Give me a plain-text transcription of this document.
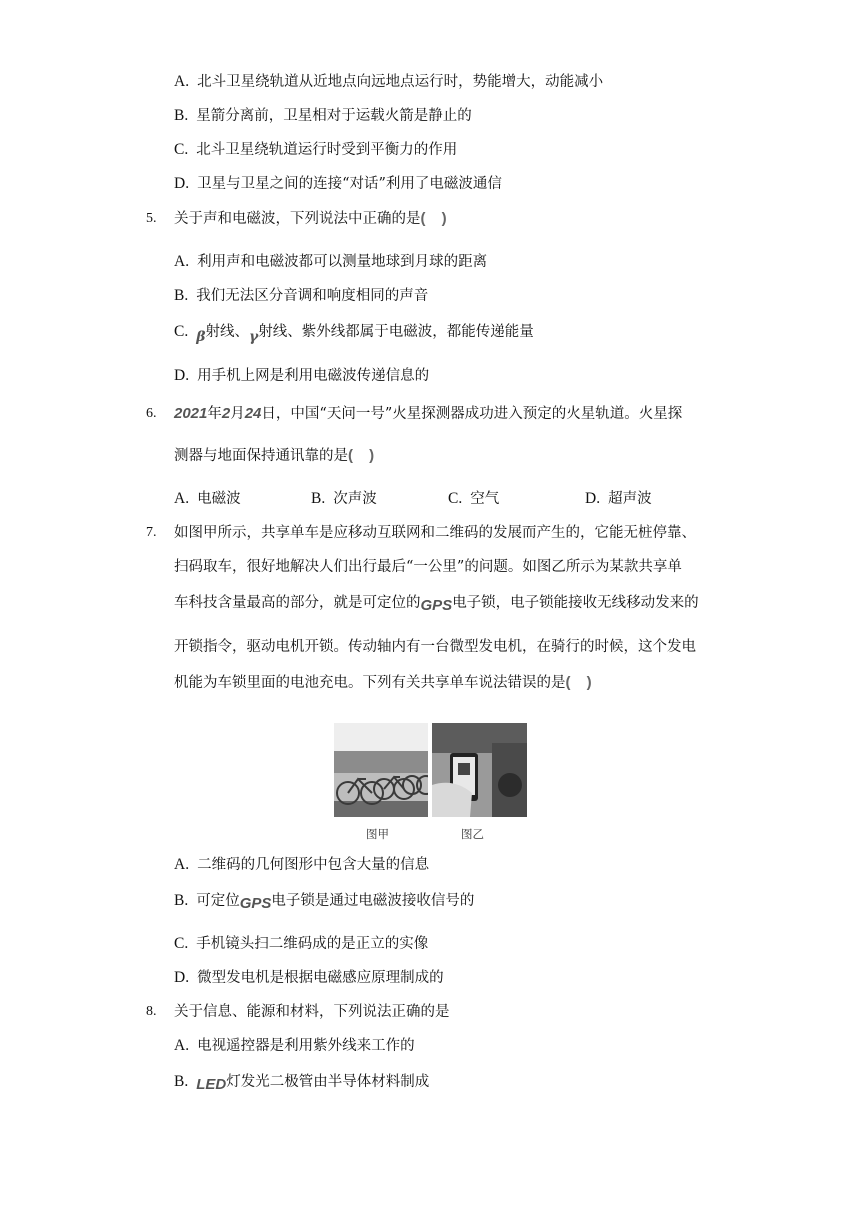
A. 北斗卫星绕轨道从近地点向远地点运行时，势能增大，动能减小
B. 星箭分离前，卫星相对于运载火箭是静止的
C. 北斗卫星绕轨道运行时受到平衡力的作用
D. 卫星与卫星之间的连接“对话”利用了电磁波通信
5. 关于声和电磁波，下列说法中正确的是( )
A. 利用声和电磁波都可以测量地球到月球的距离
B. 我们无法区分音调和响度相同的声音
C. β射线、γ射线、紫外线都属于电磁波，都能传递能量
D. 用手机上网是利用电磁波传递信息的
6. 2021年2月24日，中国“天问一号”火星探测器成功进入预定的火星轨道。火星探
测器与地面保持通讯靠的是( )
A. 电磁波	B. 次声波	C. 空气	D. 超声波
7. 如图甲所示，共享单车是应移动互联网和二维码的发展而产生的，它能无桩停靠、
扫码取车，很好地解决人们出行最后“一公里”的问题。如图乙所示为某款共享单
车科技含量最高的部分，就是可定位的GPS电子锁，电子锁能接收无线移动发来的
开锁指令，驱动电机开锁。传动轴内有一台微型发电机，在骑行的时候，这个发电
机能为车锁里面的电池充电。下列有关共享单车说法错误的是( )
图甲	图乙
A. 二维码的几何图形中包含大量的信息
B. 可定位GPS电子锁是通过电磁波接收信号的
C. 手机镜头扫二维码成的是正立的实像
D. 微型发电机是根据电磁感应原理制成的
8. 关于信息、能源和材料，下列说法正确的是
A. 电视遥控器是利用紫外线来工作的
B. LED灯发光二极管由半导体材料制成
